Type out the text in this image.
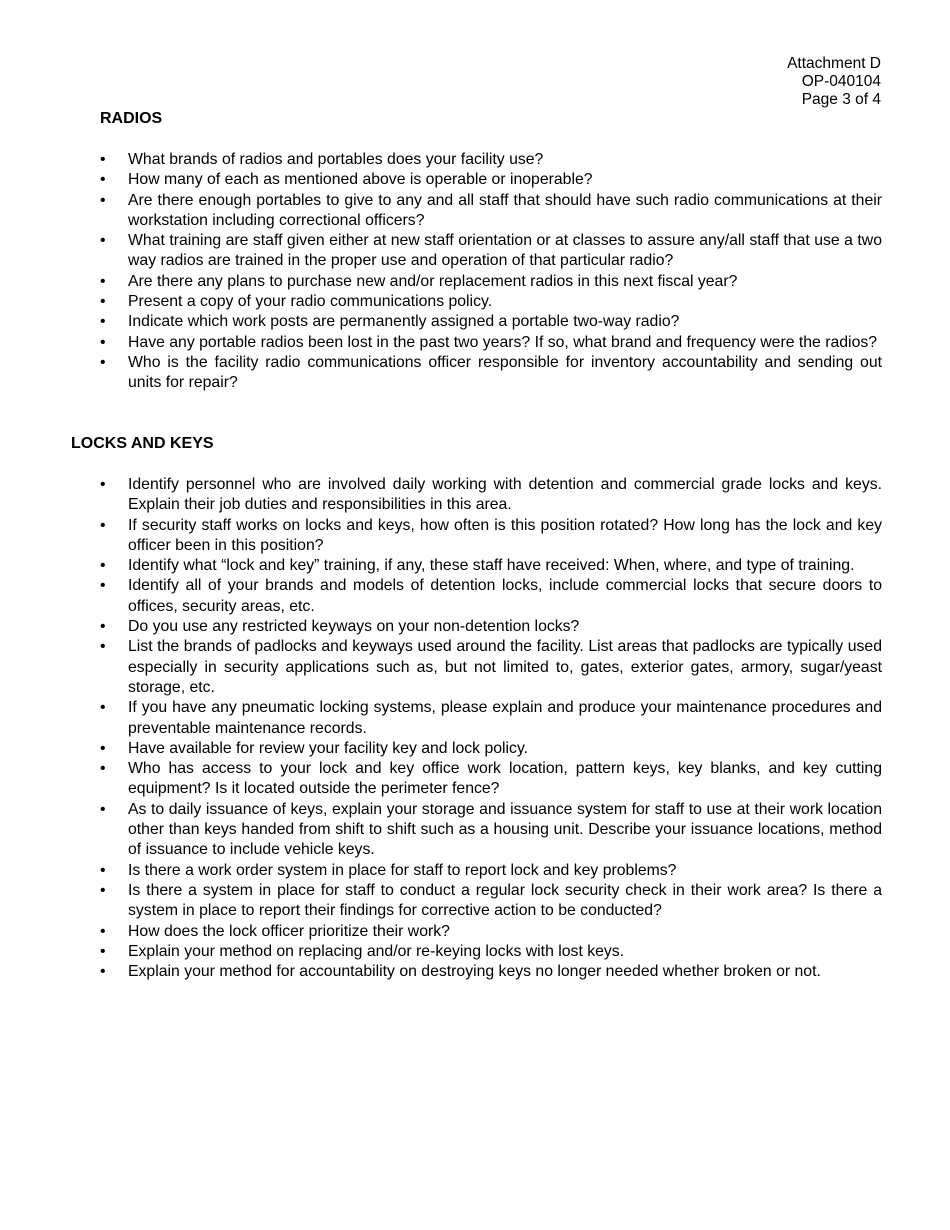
Attachment D
OP-040104
Page 3 of 4
RADIOS
• What brands of radios and portables does your facility use?
• How many of each as mentioned above is operable or inoperable?
• Are there enough portables to give to any and all staff that should have such radio communications at their workstation including correctional officers?
• What training are staff given either at new staff orientation or at classes to assure any/all staff that use a two way radios are trained in the proper use and operation of that particular radio?
• Are there any plans to purchase new and/or replacement radios in this next fiscal year?
• Present a copy of your radio communications policy.
• Indicate which work posts are permanently assigned a portable two-way radio?
• Have any portable radios been lost in the past two years? If so, what brand and frequency were the radios?
• Who is the facility radio communications officer responsible for inventory accountability and sending out units for repair?
LOCKS AND KEYS
• Identify personnel who are involved daily working with detention and commercial grade locks and keys. Explain their job duties and responsibilities in this area.
• If security staff works on locks and keys, how often is this position rotated? How long has the lock and key officer been in this position?
• Identify what “lock and key” training, if any, these staff have received: When, where, and type of training.
• Identify all of your brands and models of detention locks, include commercial locks that secure doors to offices, security areas, etc.
• Do you use any restricted keyways on your non-detention locks?
• List the brands of padlocks and keyways used around the facility. List areas that padlocks are typically used especially in security applications such as, but not limited to, gates, exterior gates, armory, sugar/yeast storage, etc.
• If you have any pneumatic locking systems, please explain and produce your maintenance procedures and preventable maintenance records.
• Have available for review your facility key and lock policy.
• Who has access to your lock and key office work location, pattern keys, key blanks, and key cutting equipment? Is it located outside the perimeter fence?
• As to daily issuance of keys, explain your storage and issuance system for staff to use at their work location other than keys handed from shift to shift such as a housing unit. Describe your issuance locations, method of issuance to include vehicle keys.
• Is there a work order system in place for staff to report lock and key problems?
• Is there a system in place for staff to conduct a regular lock security check in their work area? Is there a system in place to report their findings for corrective action to be conducted?
• How does the lock officer prioritize their work?
• Explain your method on replacing and/or re-keying locks with lost keys.
• Explain your method for accountability on destroying keys no longer needed whether broken or not.
